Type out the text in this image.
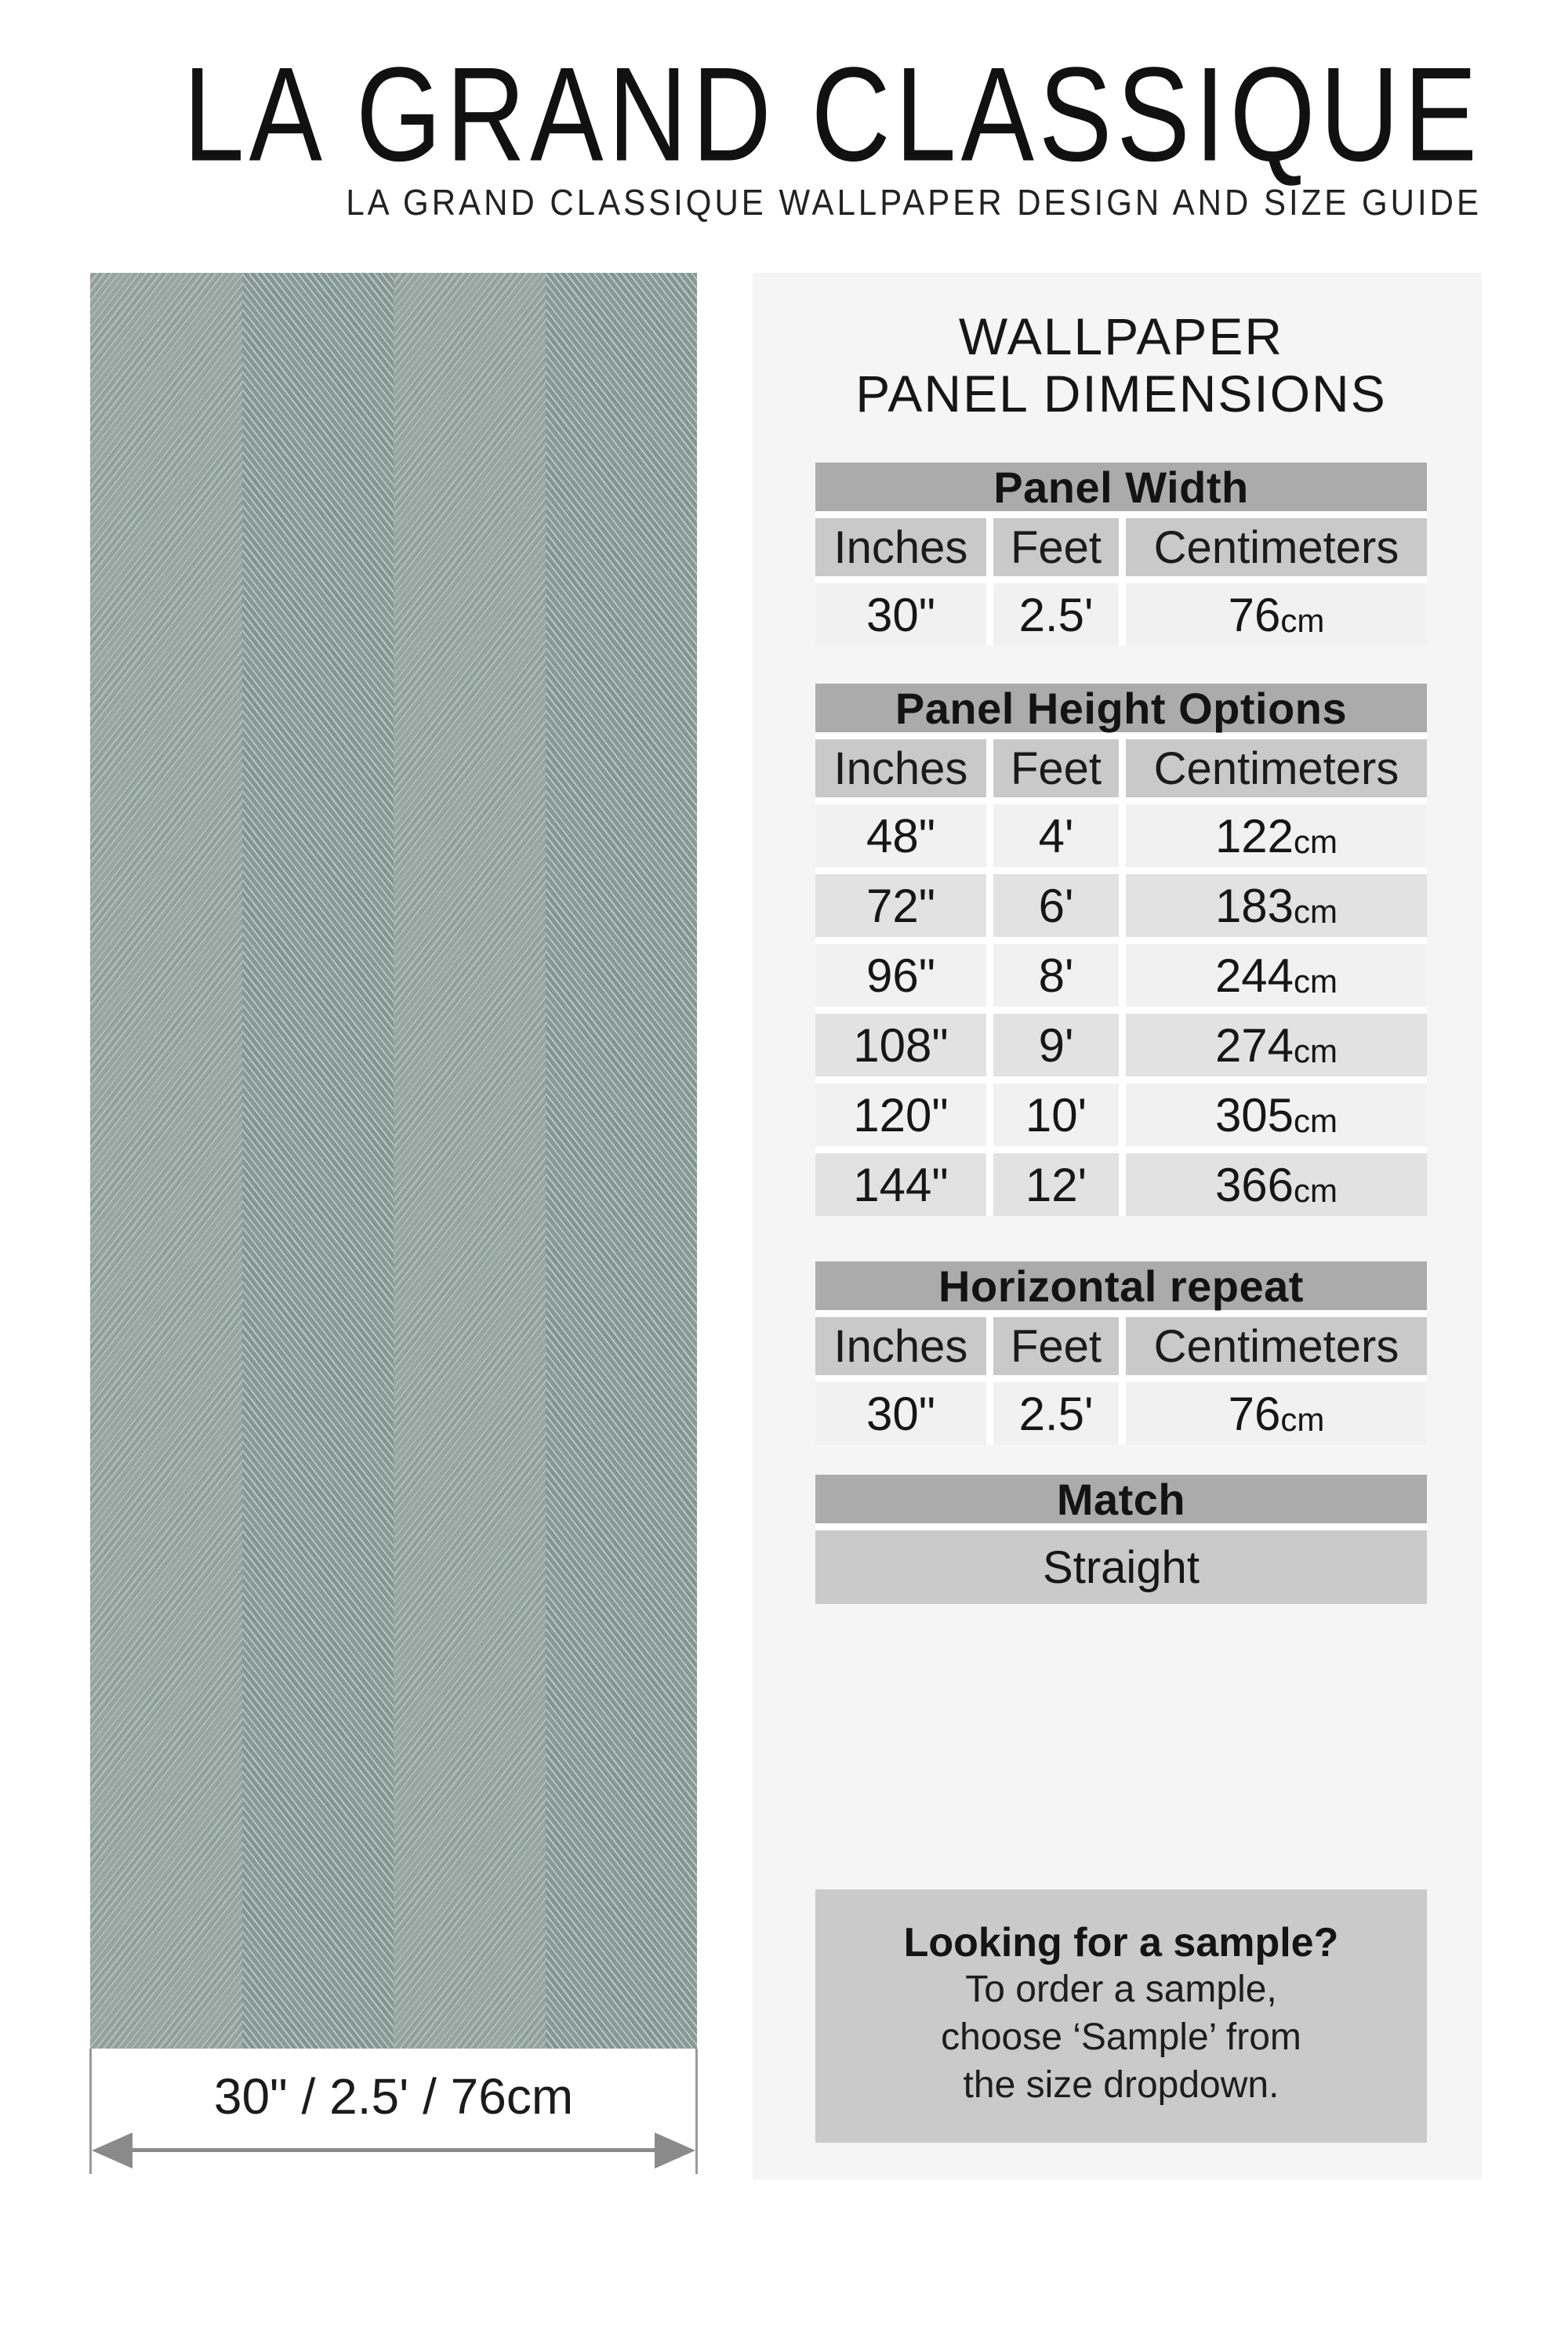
LA GRAND CLASSIQUE
LA GRAND CLASSIQUE WALLPAPER DESIGN AND SIZE GUIDE
WALLPAPER
PANEL DIMENSIONS
Panel Width
Inches Feet	Centimeters
30"	2.5'	76 cm
Panel Height Options
Inches Feet	Centimeters
48"	4'	122 cm
72"	6'	183 cm
96"	8'	244 cm
108"	9'	274 cm
120"	10'	305 cm
144"	12'	366 cm
Horizontal repeat
Inches Feet	Centimeters
30"	2.5'	76 cm
Match
Straight
Looking for a sample?
To order a sample,
choose ‘Sample’ from
the size dropdown.
30" / 2.5' / 76cm
